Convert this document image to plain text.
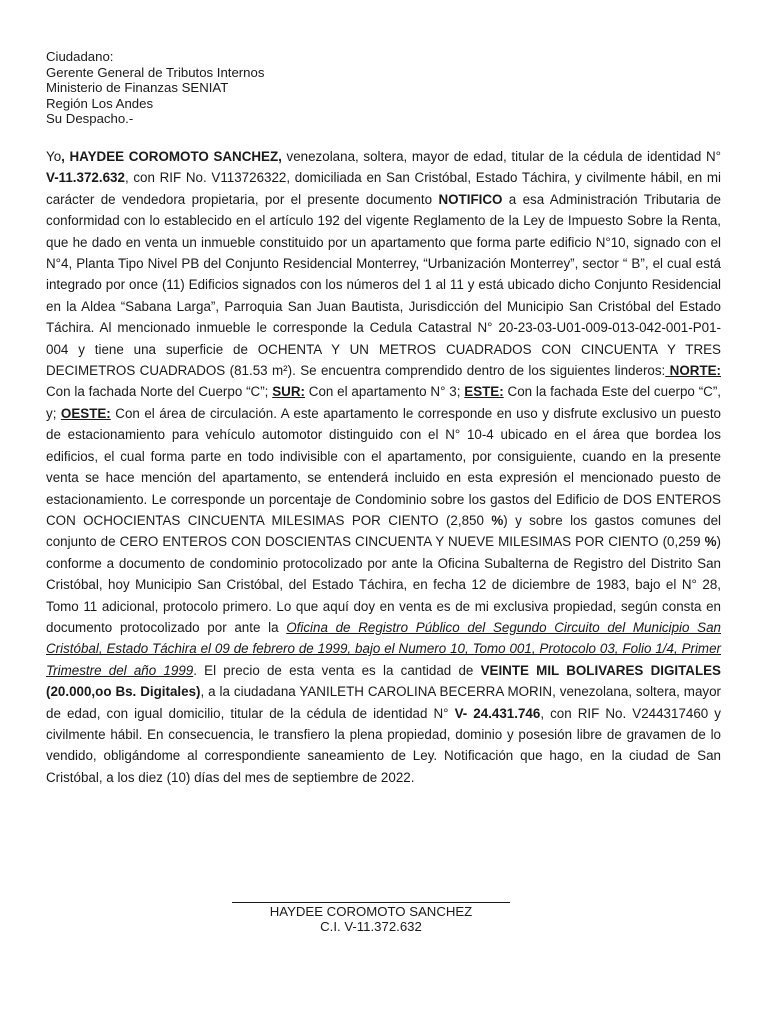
Ciudadano:
Gerente General de Tributos Internos
Ministerio de Finanzas SENIAT
Región Los Andes
Su Despacho.-

Yo, HAYDEE COROMOTO SANCHEZ, venezolana, soltera, mayor de edad, titular de la cédula de identidad N° V-11.372.632, con RIF No. V113726322, domiciliada en San Cristóbal, Estado Táchira, y civilmente hábil, en mi carácter de vendedora propietaria, por el presente documento NOTIFICO a esa Administración Tributaria de conformidad con lo establecido en el artículo 192 del vigente Reglamento de la Ley de Impuesto Sobre la Renta, que he dado en venta un inmueble constituido por un apartamento que forma parte edificio N°10, signado con el N°4, Planta Tipo Nivel PB del Conjunto Residencial Monterrey, “Urbanización Monterrey”, sector “ B”, el cual está integrado por once (11) Edificios signados con los números del 1 al 11 y está ubicado dicho Conjunto Residencial en la Aldea “Sabana Larga”, Parroquia San Juan Bautista, Jurisdicción del Municipio San Cristóbal del Estado Táchira. Al mencionado inmueble le corresponde la Cedula Catastral N° 20-23-03-U01-009-013-042-001-P01-004 y tiene una superficie de OCHENTA Y UN METROS CUADRADOS CON CINCUENTA Y TRES DECIMETROS CUADRADOS (81.53 m²). Se encuentra comprendido dentro de los siguientes linderos: NORTE: Con la fachada Norte del Cuerpo “C”; SUR: Con el apartamento N° 3; ESTE: Con la fachada Este del cuerpo “C”, y; OESTE: Con el área de circulación. A este apartamento le corresponde en uso y disfrute exclusivo un puesto de estacionamiento para vehículo automotor distinguido con el N° 10-4 ubicado en el área que bordea los edificios, el cual forma parte en todo indivisible con el apartamento, por consiguiente, cuando en la presente venta se hace mención del apartamento, se entenderá incluido en esta expresión el mencionado puesto de estacionamiento. Le corresponde un porcentaje de Condominio sobre los gastos del Edificio de DOS ENTEROS CON OCHOCIENTAS CINCUENTA MILESIMAS POR CIENTO (2,850 %) y sobre los gastos comunes del conjunto de CERO ENTEROS CON DOSCIENTAS CINCUENTA Y NUEVE MILESIMAS POR CIENTO (0,259 %) conforme a documento de condominio protocolizado por ante la Oficina Subalterna de Registro del Distrito San Cristóbal, hoy Municipio San Cristóbal, del Estado Táchira, en fecha 12 de diciembre de 1983, bajo el N° 28, Tomo 11 adicional, protocolo primero. Lo que aquí doy en venta es de mi exclusiva propiedad, según consta en documento protocolizado por ante la Oficina de Registro Público del Segundo Circuito del Municipio San Cristóbal, Estado Táchira el 09 de febrero de 1999, bajo el Numero 10, Tomo 001, Protocolo 03, Folio 1/4, Primer Trimestre del año 1999. El precio de esta venta es la cantidad de VEINTE MIL BOLIVARES DIGITALES (20.000,oo Bs. Digitales), a la ciudadana YANILETH CAROLINA BECERRA MORIN, venezolana, soltera, mayor de edad, con igual domicilio, titular de la cédula de identidad N° V- 24.431.746, con RIF No. V244317460 y civilmente hábil. En consecuencia, le transfiero la plena propiedad, dominio y posesión libre de gravamen de lo vendido, obligándome al correspondiente saneamiento de Ley. Notificación que hago, en la ciudad de San Cristóbal, a los diez (10) días del mes de septiembre de 2022.

HAYDEE COROMOTO SANCHEZ
C.I. V-11.372.632
